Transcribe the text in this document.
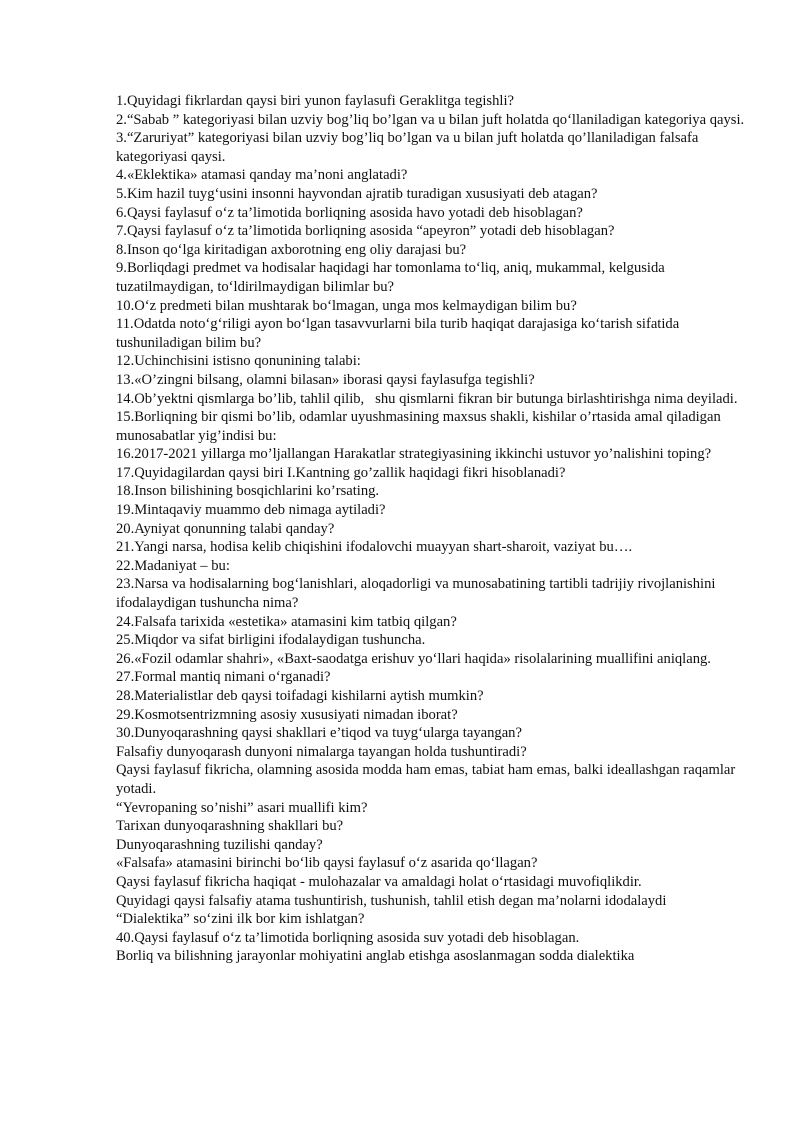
1.Quyidagi fikrlardan qaysi biri yunon faylasufi Geraklitga tegishli?
2.“Sabab ” kategoriyasi bilan uzviy bog’liq bo’lgan va u bilan juft holatda qo‘llaniladigan kategoriya qaysi.
3.“Zaruriyat” kategoriyasi bilan uzviy bog’liq bo’lgan va u bilan juft holatda qo’llaniladigan falsafa kategoriyasi qaysi.
4.«Eklektika» atamasi qanday ma’noni anglatadi?
5.Kim hazil tuyg‘usini insonni hayvondan ajratib turadigan xususiyati deb atagan?
6.Qaysi faylasuf o‘z ta’limotida borliqning asosida havo yotadi deb hisoblagan?
7.Qaysi faylasuf o‘z ta’limotida borliqning asosida “apeyron” yotadi deb hisoblagan?
8.Inson qo‘lga kiritadigan axborotning eng oliy darajasi bu?
9.Borliqdagi predmet va hodisalar haqidagi har tomonlama to‘liq, aniq, mukammal, kelgusida tuzatilmaydigan, to‘ldirilmaydigan bilimlar bu?
10.O‘z predmeti bilan mushtarak bo‘lmagan, unga mos kelmaydigan bilim bu?
11.Odatda noto‘g‘riligi ayon bo‘lgan tasavvurlarni bila turib haqiqat darajasiga ko‘tarish sifatida tushuniladigan bilim bu?
12.Uchinchisini istisno qonunining talabi:
13.«O’zingni bilsang, olamni bilasan» iborasi qaysi faylasufga tegishli?
14.Ob’yektni qismlarga bo’lib, tahlil qilib,   shu qismlarni fikran bir butunga birlashtirishga nima deyiladi.
15.Borliqning bir qismi bo’lib, odamlar uyushmasining maxsus shakli, kishilar o’rtasida amal qiladigan munosabatlar yig’indisi bu:
16.2017-2021 yillarga mo’ljallangan Harakatlar strategiyasining ikkinchi ustuvor yo’nalishini toping?
17.Quyidagilardan qaysi biri I.Kantning go’zallik haqidagi fikri hisoblanadi?
18.Inson bilishining bosqichlarini ko’rsating.
19.Mintaqaviy muammo deb nimaga aytiladi?
20.Ayniyat qonunning talabi qanday?
21.Yangi narsa, hodisa kelib chiqishini ifodalovchi muayyan shart-sharoit, vaziyat bu….
22.Madaniyat – bu:
23.Narsa va hodisalarning bog‘lanishlari, aloqadorligi va munosabatining tartibli tadrijiy rivojlanishini ifodalaydigan tushuncha nima?
24.Falsafa tarixida «estetika» atamasini kim tatbiq qilgan?
25.Miqdor va sifat birligini ifodalaydigan tushuncha.
26.«Fozil odamlar shahri», «Baxt-saodatga erishuv yo‘llari haqida» risolalarining muallifini aniqlang.
27.Formal mantiq nimani o‘rganadi?
28.Materialistlar deb qaysi toifadagi kishilarni aytish mumkin?
29.Kosmotsentrizmning asosiy xususiyati nimadan iborat?
30.Dunyoqarashning qaysi shakllari e’tiqod va tuyg‘ularga tayangan?
Falsafiy dunyoqarash dunyoni nimalarga tayangan holda tushuntiradi?
Qaysi faylasuf fikricha, olamning asosida modda ham emas, tabiat ham emas, balki ideallashgan raqamlar yotadi.
“Yevropaning so’nishi” asari muallifi kim?
Tarixan dunyoqarashning shakllari bu?
Dunyoqarashning tuzilishi qanday?
«Falsafa» atamasini birinchi bo‘lib qaysi faylasuf o‘z asarida qo‘llagan?
Qaysi faylasuf fikricha haqiqat - mulohazalar va amaldagi holat o‘rtasidagi muvofiqlikdir.
Quyidagi qaysi falsafiy atama tushuntirish, tushunish, tahlil etish degan ma’nolarni idodalaydi
“Dialektika” so‘zini ilk bor kim ishlatgan?
40.Qaysi faylasuf o‘z ta’limotida borliqning asosida suv yotadi deb hisoblagan.
Borliq va bilishning jarayonlar mohiyatini anglab etishga asoslanmagan sodda dialektika
